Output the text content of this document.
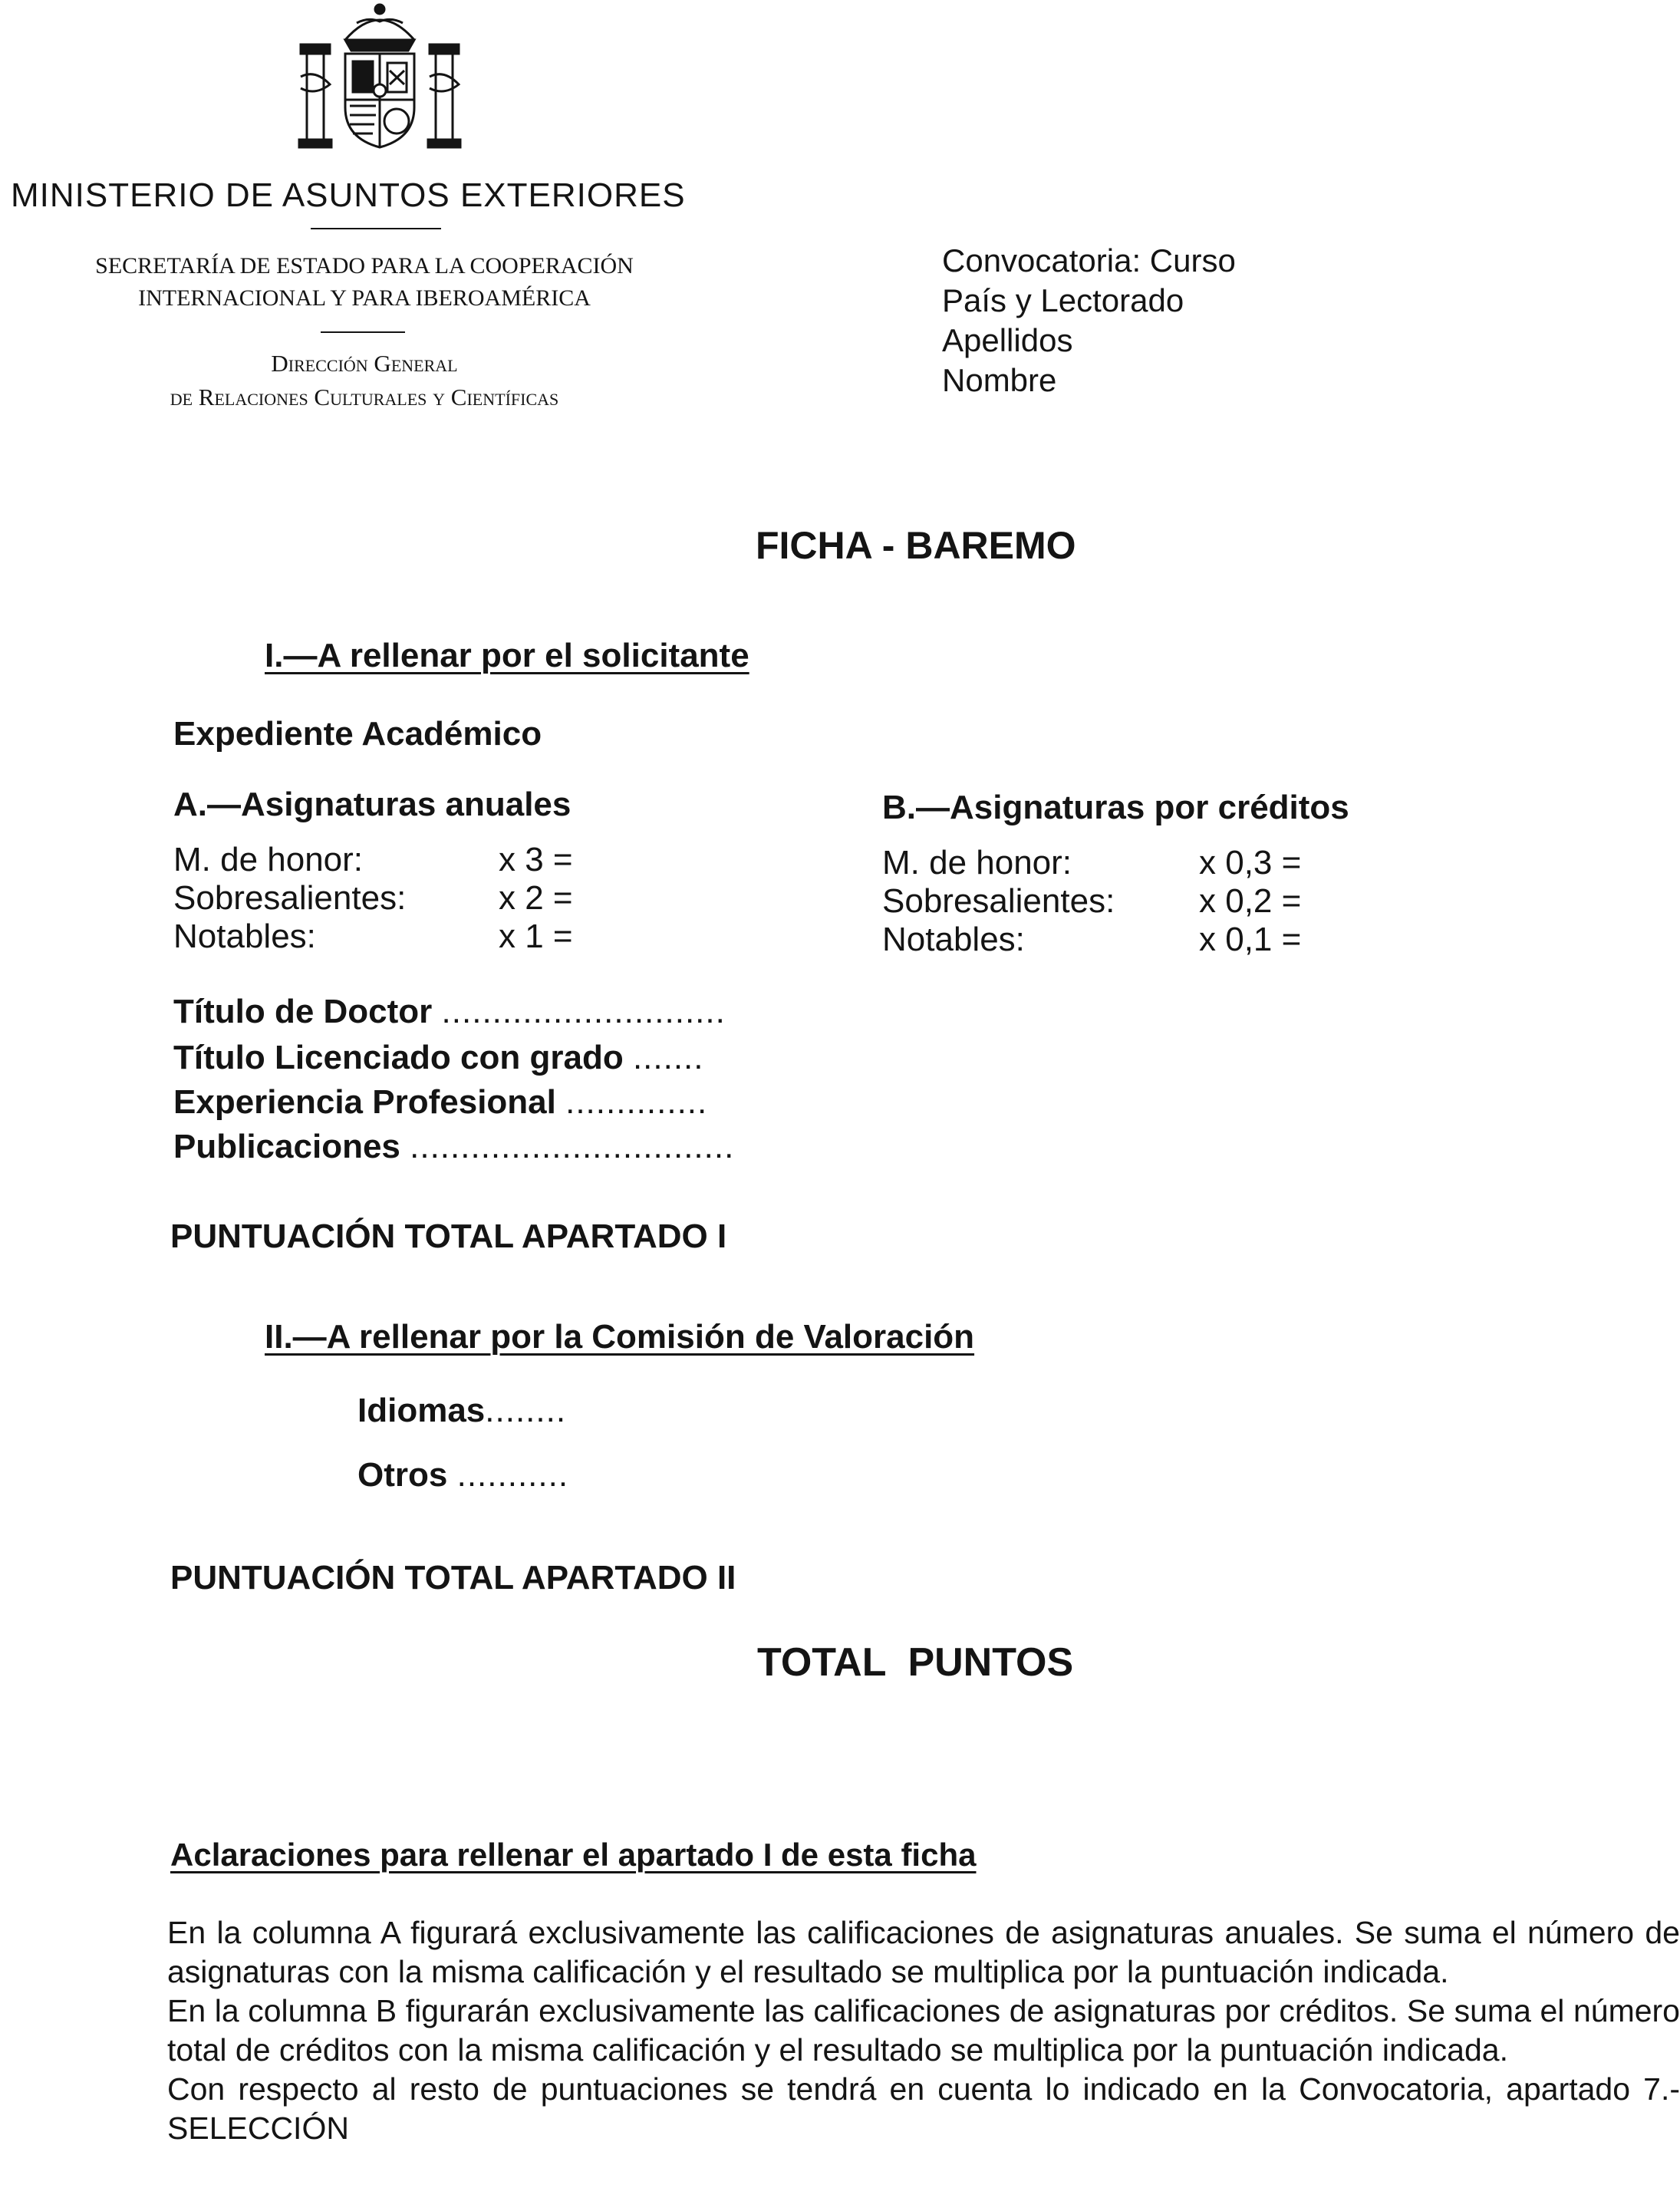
MINISTERIO DE ASUNTOS EXTERIORES
SECRETARÍA DE ESTADO PARA LA COOPERACIÓN
INTERNACIONAL Y PARA IBEROAMÉRICA
Dirección General
de Relaciones Culturales y Científicas
Convocatoria: Curso
País y Lectorado
Apellidos
Nombre
FICHA - BAREMO
I.—A rellenar por el solicitante
Expediente Académico
A.—Asignaturas anuales
M. de honor:	x 3 =
Sobresalientes:	x 2 =
Notables:	x 1 =
B.—Asignaturas por créditos
M. de honor:	x 0,3 =
Sobresalientes: x 0,2 =
Notables:	x 0,1 =
Título de Doctor ............................
Título Licenciado con grado .......
Experiencia Profesional ..............
Publicaciones ................................
PUNTUACIÓN TOTAL APARTADO I
II.—A rellenar por la Comisión de Valoración
Idiomas........
Otros ...........
PUNTUACIÓN TOTAL APARTADO II
TOTAL  PUNTOS
Aclaraciones para rellenar el apartado I de esta ficha

En la columna A figurará exclusivamente las calificaciones de asignaturas anuales. Se suma el número de asignaturas con la misma calificación y el resultado se multiplica por la puntuación indicada.

En la columna B figurarán exclusivamente las calificaciones de asignaturas por créditos. Se suma el número total de créditos con la misma calificación y el resultado se multiplica por la puntuación indicada.

Con respecto al resto de puntuaciones se tendrá en cuenta lo indicado en la Convocatoria, apartado 7.- SELECCIÓN
